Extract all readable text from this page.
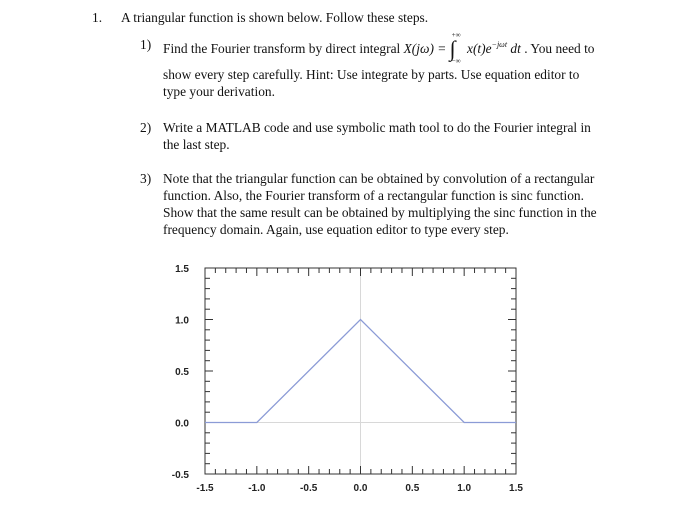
1. A triangular function is shown below. Follow these steps.
1) Find the Fourier transform by direct integral X(jω) = ∫
+∞
−∞
$x(t)e^{-j\omega t}$ dt . You need to
show every step carefully. Hint: Use integrate by parts. Use equation editor to
type your derivation.
2) Write a MATLAB code and use symbolic math tool to do the Fourier integral in
the last step.
3) Note that the triangular function can be obtained by convolution of a rectangular
function. Also, the Fourier transform of a rectangular function is sinc function.
Show that the same result can be obtained by multiplying the sinc function in the
frequency domain. Again, use equation editor to type every step.
-1.5	-1.0	-0.5	0.0	0.5	1.0	1.5
1.5
1.0
0.5
0.0
-0.5
